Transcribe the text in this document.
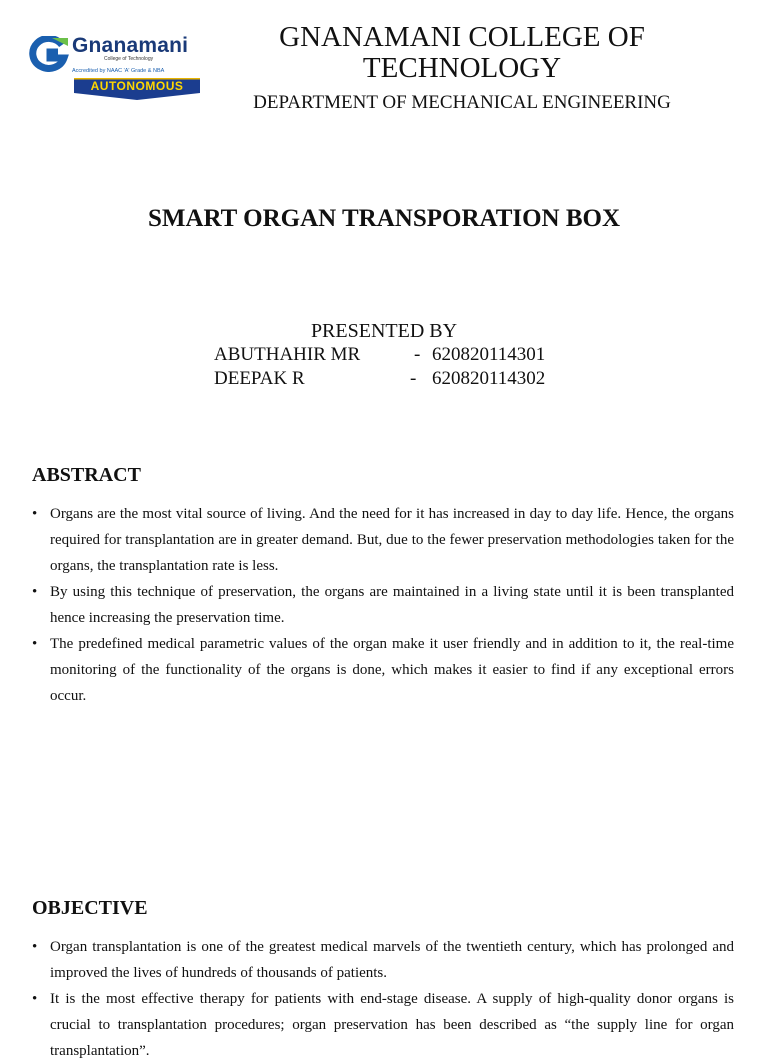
Gnanamani
College of Technology
Accredited by NAAC 'A' Grade & NBA
AUTONOMOUS
GNANAMANI COLLEGE OF TECHNOLOGY
DEPARTMENT OF MECHANICAL ENGINEERING
SMART ORGAN TRANSPORATION BOX
PRESENTED BY
ABUTHAHIR MR	- 620820114301
DEEPAK R	- 620820114302
ABSTRACT
• Organs are the most vital source of living. And the need for it has increased in day to day life. Hence, the organs required for transplantation are in greater demand. But, due to the fewer preservation methodologies taken for the organs, the transplantation rate is less.
• By using this technique of preservation, the organs are maintained in a living state until it is been transplanted hence increasing the preservation time.
• The predefined medical parametric values of the organ make it user friendly and in addition to it, the real-time monitoring of the functionality of the organs is done, which makes it easier to find if any exceptional errors occur.
OBJECTIVE
• Organ transplantation is one of the greatest medical marvels of the twentieth century, which has prolonged and improved the lives of hundreds of thousands of patients.
• It is the most effective therapy for patients with end-stage disease. A supply of high-quality donor organs is crucial to transplantation procedures; organ preservation has been described as “the supply line for organ transplantation”.
